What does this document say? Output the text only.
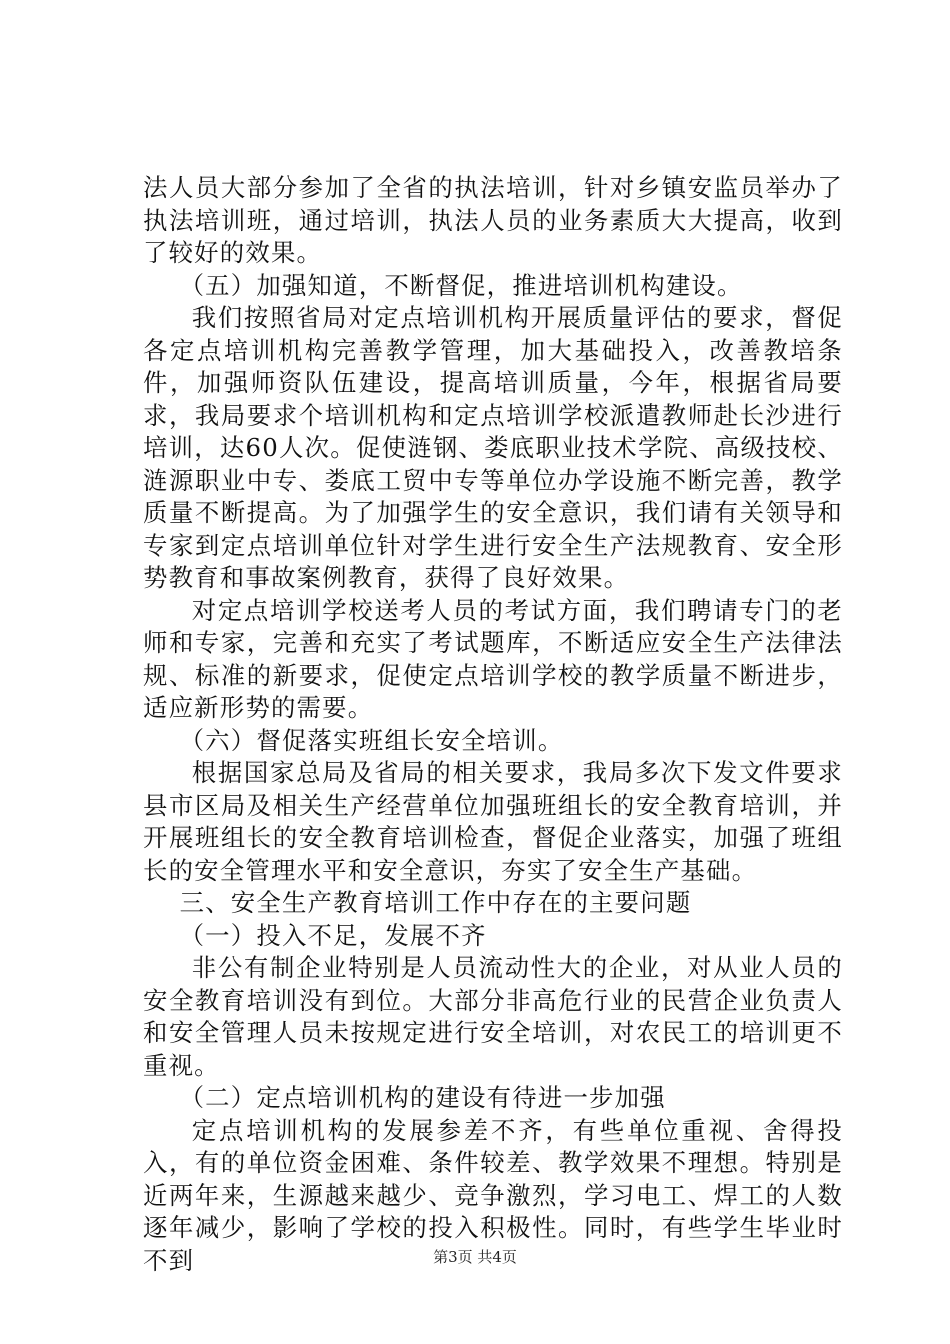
法人员大部分参加了全省的执法培训，针对乡镇安监员举办了执法培训班，通过培训，执法人员的业务素质大大提高，收到了较好的效果。

（五）加强知道，不断督促，推进培训机构建设。

我们按照省局对定点培训机构开展质量评估的要求，督促各定点培训机构完善教学管理，加大基础投入，改善教培条件，加强师资队伍建设，提高培训质量，今年，根据省局要求，我局要求个培训机构和定点培训学校派遣教师赴长沙进行培训，达60人次。促使涟钢、娄底职业技术学院、高级技校、涟源职业中专、娄底工贸中专等单位办学设施不断完善，教学质量不断提高。为了加强学生的安全意识，我们请有关领导和专家到定点培训单位针对学生进行安全生产法规教育、安全形势教育和事故案例教育，获得了良好效果。

对定点培训学校送考人员的考试方面，我们聘请专门的老师和专家，完善和充实了考试题库，不断适应安全生产法律法规、标准的新要求，促使定点培训学校的教学质量不断进步，适应新形势的需要。

（六）督促落实班组长安全培训。

根据国家总局及省局的相关要求，我局多次下发文件要求县市区局及相关生产经营单位加强班组长的安全教育培训，并开展班组长的安全教育培训检查，督促企业落实，加强了班组长的安全管理水平和安全意识，夯实了安全生产基础。

三、安全生产教育培训工作中存在的主要问题

（一）投入不足，发展不齐

非公有制企业特别是人员流动性大的企业，对从业人员的安全教育培训没有到位。大部分非高危行业的民营企业负责人和安全管理人员未按规定进行安全培训，对农民工的培训更不重视。

（二）定点培训机构的建设有待进一步加强

定点培训机构的发展参差不齐，有些单位重视、舍得投入，有的单位资金困难、条件较差、教学效果不理想。特别是近两年来，生源越来越少、竞争激烈，学习电工、焊工的人数逐年减少，影响了学校的投入积极性。同时，有些学生毕业时不到	第3页 共4页
